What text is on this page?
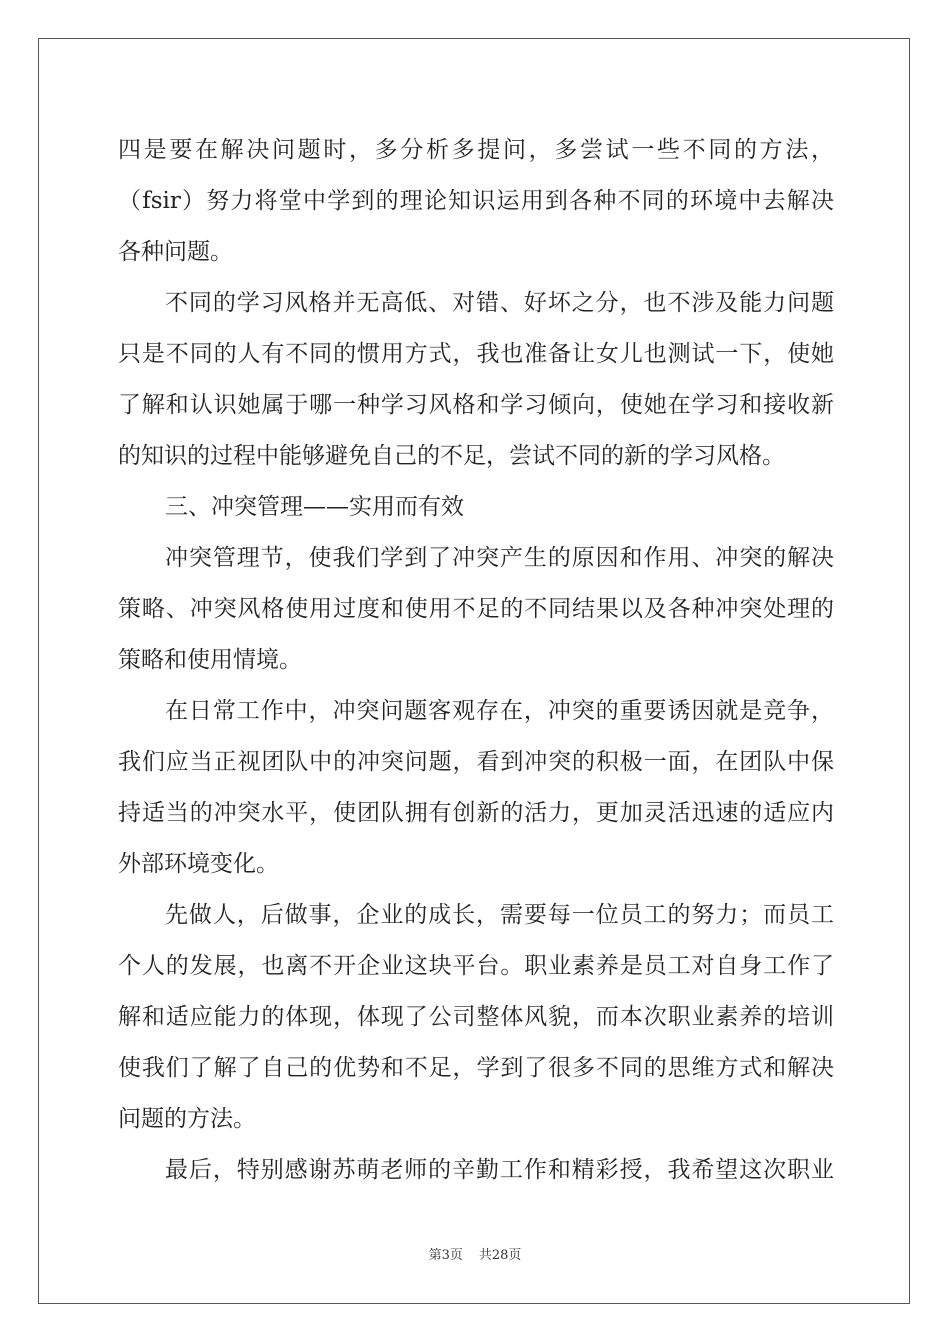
四是要在解决问题时，多分析多提问，多尝试一些不同的方法，
（fsir）努力将堂中学到的理论知识运用到各种不同的环境中去解决
各种问题。
不同的学习风格并无高低、对错、好坏之分，也不涉及能力问题
只是不同的人有不同的惯用方式，我也准备让女儿也测试一下，使她
了解和认识她属于哪一种学习风格和学习倾向，使她在学习和接收新
的知识的过程中能够避免自己的不足，尝试不同的新的学习风格。
三、冲突管理——实用而有效
冲突管理节，使我们学到了冲突产生的原因和作用、冲突的解决
策略、冲突风格使用过度和使用不足的不同结果以及各种冲突处理的
策略和使用情境。
在日常工作中，冲突问题客观存在，冲突的重要诱因就是竞争，
我们应当正视团队中的冲突问题，看到冲突的积极一面，在团队中保
持适当的冲突水平，使团队拥有创新的活力，更加灵活迅速的适应内
外部环境变化。
先做人，后做事，企业的成长，需要每一位员工的努力；而员工
个人的发展，也离不开企业这块平台。职业素养是员工对自身工作了
解和适应能力的体现，体现了公司整体风貌，而本次职业素养的培训
使我们了解了自己的优势和不足，学到了很多不同的思维方式和解决
问题的方法。
最后，特别感谢苏萌老师的辛勤工作和精彩授，我希望这次职业
第3页 共28页
